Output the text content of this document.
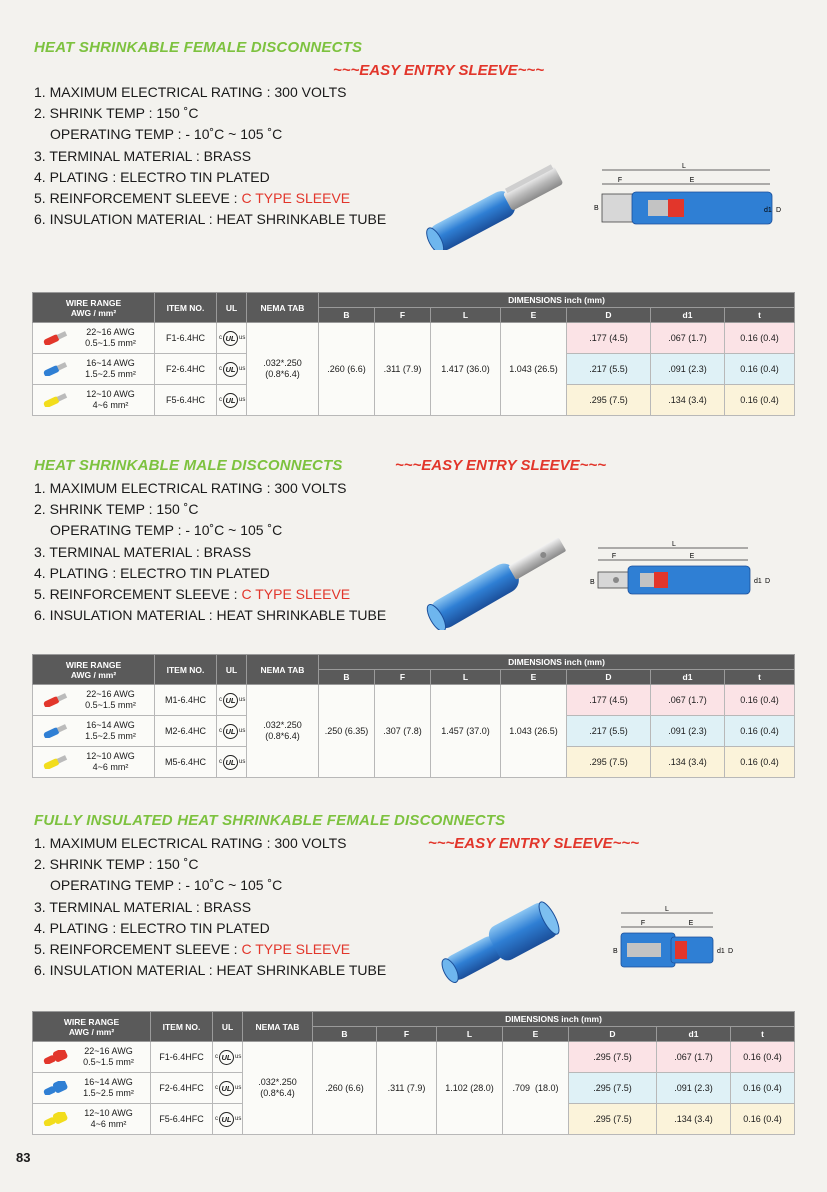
HEAT SHRINKABLE FEMALE DISCONNECTS
~~~EASY ENTRY SLEEVE~~~
1. MAXIMUM ELECTRICAL RATING : 300 VOLTS
2. SHRINK TEMP : 150 ˚C
OPERATING TEMP : - 10˚C ~ 105 ˚C
3. TERMINAL MATERIAL : BRASS
4. PLATING : ELECTRO TIN PLATED
5. REINFORCEMENT SLEEVE : C TYPE SLEEVE
6. INSULATION MATERIAL : HEAT SHRINKABLE TUBE
L
F	E
B	d1 D
WIRE RANGE
AWG / mm²	ITEM NO.	UL	NEMA TAB	DIMENSIONS inch (mm)						
				B	F	L	E	D	d1	t

22~16 AWG
0.5~1.5 mm²	F1-6.4HC	c UL us	.032*.250
(0.8*6.4)	.260 (6.6)	.311 (7.9)	1.417 (36.0)	1.043 (26.5)	.177 (4.5)	.067 (1.7)	0.16 (0.4)

16~14 AWG
1.5~2.5 mm²	F2-6.4HC	c UL us						.217 (5.5)	.091 (2.3)	0.16 (0.4)

12~10 AWG
4~6 mm²	F5-6.4HC	c UL us						.295 (7.5)	.134 (3.4)	0.16 (0.4)
HEAT SHRINKABLE MALE DISCONNECTS	~~~EASY ENTRY SLEEVE~~~
1. MAXIMUM ELECTRICAL RATING : 300 VOLTS
2. SHRINK TEMP : 150 ˚C
OPERATING TEMP : - 10˚C ~ 105 ˚C
3. TERMINAL MATERIAL : BRASS
4. PLATING : ELECTRO TIN PLATED
5. REINFORCEMENT SLEEVE : C TYPE SLEEVE
6. INSULATION MATERIAL : HEAT SHRINKABLE TUBE
L
F	E
B	d1 D
WIRE RANGE
AWG / mm²	ITEM NO.	UL	NEMA TAB	DIMENSIONS inch (mm)						
				B	F	L	E	D	d1	t

22~16 AWG
0.5~1.5 mm²	M1-6.4HC	c UL us	.032*.250
(0.8*6.4)	.250 (6.35)	.307 (7.8)	1.457 (37.0)	1.043 (26.5)	.177 (4.5)	.067 (1.7)	0.16 (0.4)

16~14 AWG
1.5~2.5 mm²	M2-6.4HC	c UL us						.217 (5.5)	.091 (2.3)	0.16 (0.4)

12~10 AWG
4~6 mm²	M5-6.4HC	c UL us						.295 (7.5)	.134 (3.4)	0.16 (0.4)
FULLY INSULATED HEAT SHRINKABLE FEMALE DISCONNECTS
~~~EASY ENTRY SLEEVE~~~
1. MAXIMUM ELECTRICAL RATING : 300 VOLTS
2. SHRINK TEMP : 150 ˚C
OPERATING TEMP : - 10˚C ~ 105 ˚C
3. TERMINAL MATERIAL : BRASS
4. PLATING : ELECTRO TIN PLATED
5. REINFORCEMENT SLEEVE : C TYPE SLEEVE
6. INSULATION MATERIAL : HEAT SHRINKABLE TUBE
L
F	E
B	d1 D
WIRE RANGE
AWG / mm²	ITEM NO.	UL	NEMA TAB	DIMENSIONS inch (mm)						
				B	F	L	E	D	d1	t

22~16 AWG
0.5~1.5 mm²	F1-6.4HFC	c UL us	.032*.250
(0.8*6.4)	.260 (6.6)	.311 (7.9)	1.102 (28.0)	.709  (18.0)	.295 (7.5)	.067 (1.7)	0.16 (0.4)

16~14 AWG
1.5~2.5 mm²	F2-6.4HFC	c UL us						.295 (7.5)	.091 (2.3)	0.16 (0.4)

12~10 AWG
4~6 mm²	F5-6.4HFC	c UL us						.295 (7.5)	.134 (3.4)	0.16 (0.4)
83
